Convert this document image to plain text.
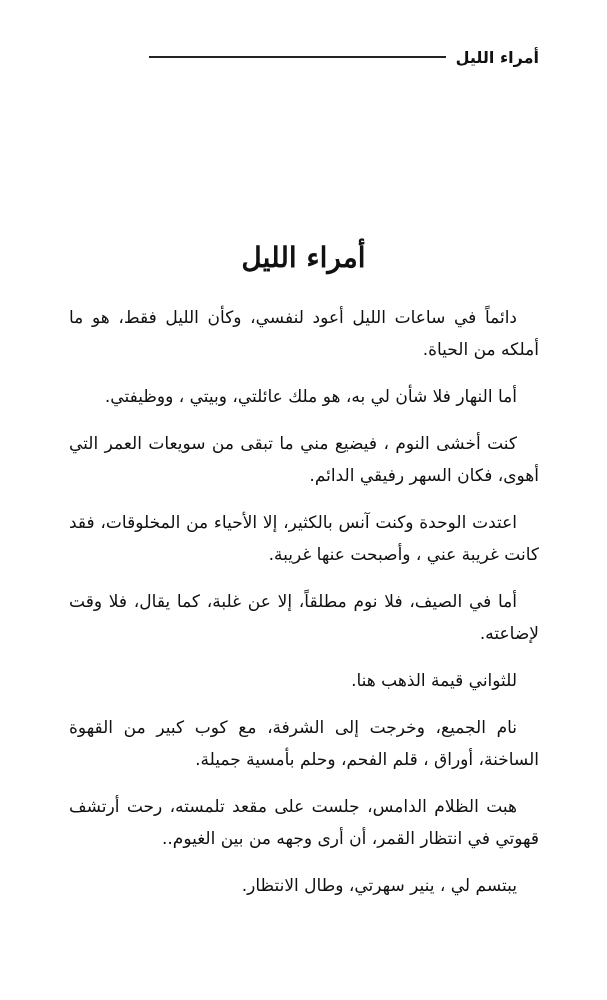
أمراء الليل
أمراء الليل

دائماً في ساعات الليل أعود لنفسي، وكأن الليل فقط، هو ما أملكه من الحياة.

أما النهار فلا شأن لي به، هو ملك عائلتي، وبيتي ، ووظيفتي.

كنت أخشى النوم ، فيضيع مني ما تبقى من سويعات العمر التي أهوى، فكان السهر رفيقي الدائم.

اعتدت الوحدة وكنت آنس بالكثير، إلا الأحياء من المخلوقات، فقد كانت غريبة عني ، وأصبحت عنها غريبة.

أما في الصيف، فلا نوم مطلقاً، إلا عن غلبة، كما يقال، فلا وقت لإضاعته.

للثواني قيمة الذهب هنا.

نام الجميع، وخرجت إلى الشرفة، مع كوب كبير من القهوة الساخنة، أوراق ، قلم الفحم، وحلم بأمسية جميلة.

هبت الظلام الدامس، جلست على مقعد تلمسته، رحت أرتشف قهوتي في انتظار القمر، أن أرى وجهه من بين الغيوم..

يبتسم لي ، ينير سهرتي، وطال الانتظار.
